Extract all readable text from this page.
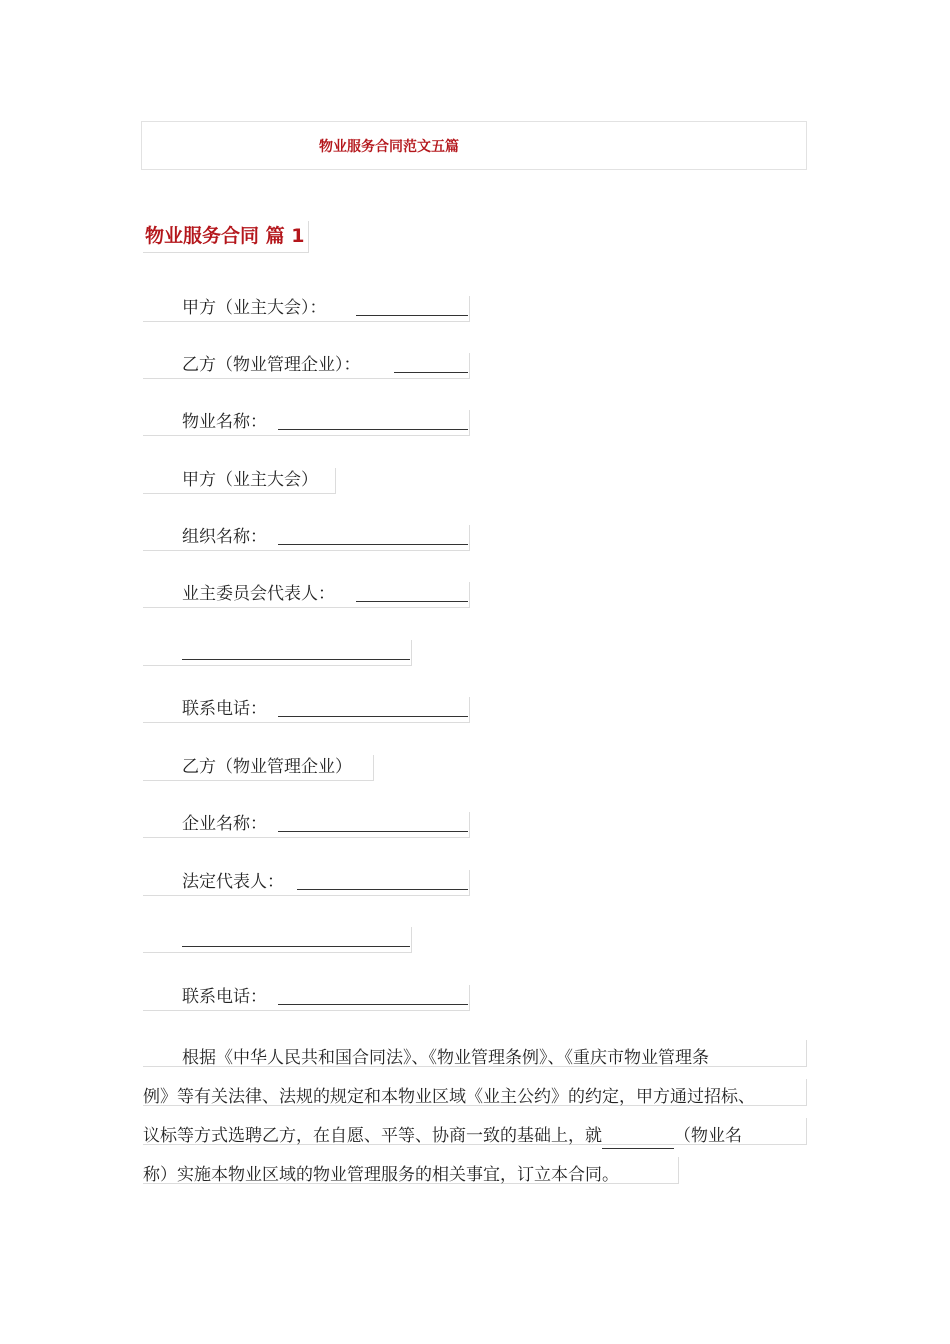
物业服务合同范文五篇
物业服务合同 篇 1
甲方（业主大会）：
乙方（物业管理企业）：
物业名称：
甲方（业主大会）
组织名称：
业主委员会代表人：
联系电话：
乙方（物业管理企业）
企业名称：
法定代表人：
联系电话：
根据《中华人民共和国合同法》、《物业管理条例》、《重庆市物业管理条
例》等有关法律、法规的规定和本物业区域《业主公约》的约定，甲方通过招标、
议标等方式选聘乙方，在自愿、平等、协商一致的基础上，就	（物业名
称）实施本物业区域的物业管理服务的相关事宜，订立本合同。
